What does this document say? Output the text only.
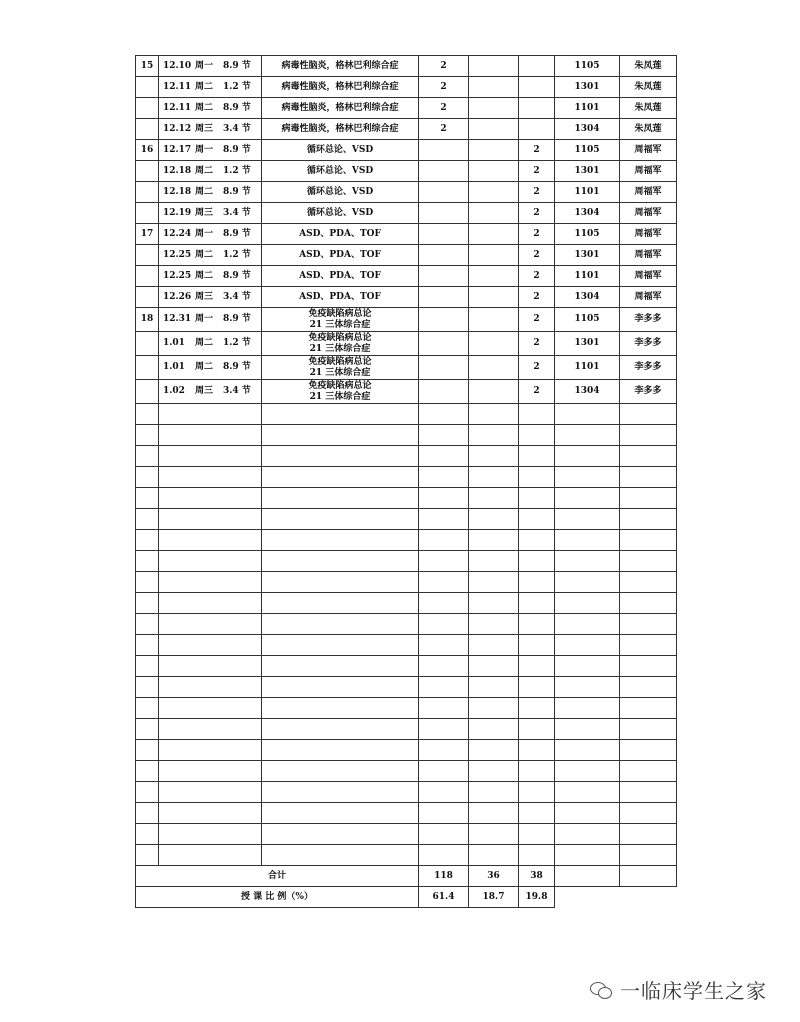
15	12.10 周一 8.9 节	病毒性脑炎，格林巴利综合症	2			1105	朱凤莲
	12.11 周二 1.2 节	病毒性脑炎，格林巴利综合症	2			1301	朱凤莲
	12.11 周二 8.9 节	病毒性脑炎，格林巴利综合症	2			1101	朱凤莲
	12.12 周三 3.4 节	病毒性脑炎，格林巴利综合症	2			1304	朱凤莲
16	12.17 周一 8.9 节	循环总论、VSD			2	1105	周福军
	12.18 周二 1.2 节	循环总论、VSD			2	1301	周福军
	12.18 周二 8.9 节	循环总论、VSD			2	1101	周福军
	12.19 周三 3.4 节	循环总论、VSD			2	1304	周福军
17	12.24 周一 8.9 节	ASD、PDA、TOF			2	1105	周福军
	12.25 周二 1.2 节	ASD、PDA、TOF			2	1301	周福军
	12.25 周二 8.9 节	ASD、PDA、TOF			2	1101	周福军
	12.26 周三 3.4 节	ASD、PDA、TOF			2	1304	周福军
18	12.31 周一 8.9 节	免疫缺陷病总论
21 三体综合症			2	1105	李多多
	1.01 周二 1.2 节	免疫缺陷病总论
21 三体综合症			2	1301	李多多
	1.01 周二 8.9 节	免疫缺陷病总论
21 三体综合症			2	1101	李多多
	1.02 周三 3.4 节	免疫缺陷病总论
21 三体综合症			2	1304	李多多

合计			118	36	38		
授 课 比 例（%）			61.4	18.7	19.8		
一临床学生之家
